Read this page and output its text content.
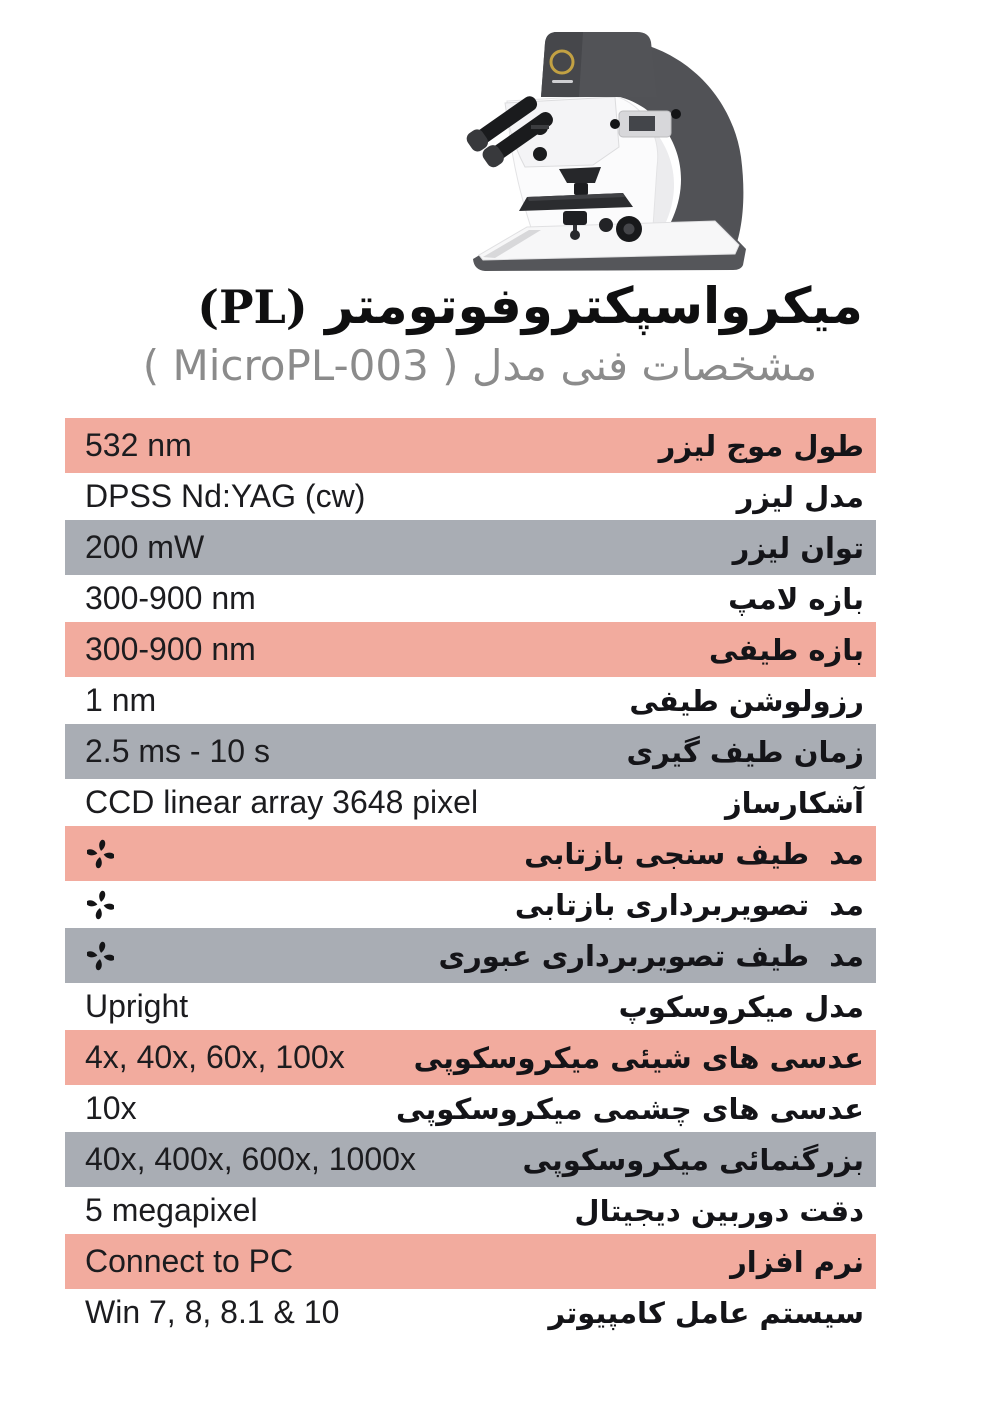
میکرواسپکتروفوتومتر (PL)
مشخصات فنی مدل ( MicroPL-003 )
طول موج لیزر
532 nm
مدل لیزر
DPSS Nd:YAG (cw)
توان لیزر
200 mW
بازه لامپ
300-900 nm
بازه طیفی
300-900 nm
رزولوشن طیفی
1 nm
زمان طیف گیری
2.5 ms - 10 s
آشکارساز
CCD linear array 3648 pixel
مد  طیف سنجی بازتابی
مد  تصویربرداری بازتابی
مد  طیف تصویربرداری عبوری
مدل میکروسکوپ
Upright
عدسی های شیئی میکروسکوپی
4x, 40x, 60x, 100x
عدسی های چشمی میکروسکوپی
10x
بزرگنمائی میکروسکوپی
40x, 400x, 600x, 1000x
دقت دوربین دیجیتال
5 megapixel
نرم افزار
Connect to PC
سیستم عامل کامپیوتر
Win 7, 8, 8.1 & 10
